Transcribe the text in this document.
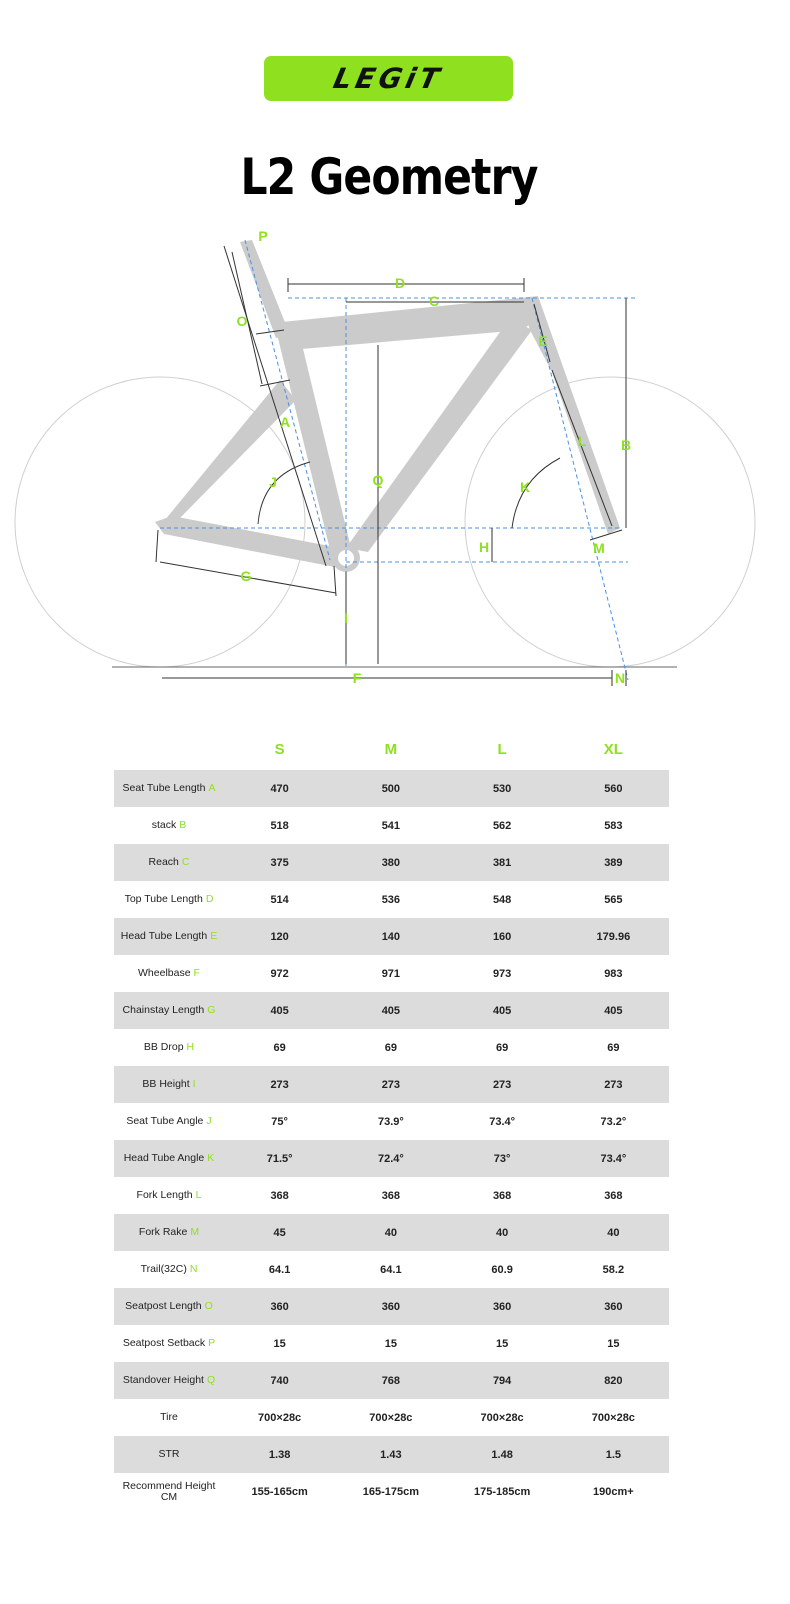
LEGiT
L2 Geometry
A
B
C
D
E
F
G
H
I
J	K
L
M
N
O
P
Q
	S	M	L	XL
Seat Tube Length A	470	500	530	560
stack B	518	541	562	583
Reach C	375	380	381	389
Top Tube Length D	514	536	548	565
Head Tube Length E	120	140	160	179.96
Wheelbase F	972	971	973	983
Chainstay Length G	405	405	405	405
BB Drop H	69	69	69	69
BB Height I	273	273	273	273
Seat Tube Angle J	75°	73.9°	73.4°	73.2°
Head Tube Angle K	71.5°	72.4°	73°	73.4°
Fork Length L	368	368	368	368
Fork Rake M	45	40	40	40
Trail(32C) N	64.1	64.1	60.9	58.2
Seatpost Length O	360	360	360	360
Seatpost Setback P	15	15	15	15
Standover Height Q	740	768	794	820
Tire	700×28c	700×28c	700×28c	700×28c
STR	1.38	1.43	1.48	1.5
Recommend Height CM	155-165cm	165-175cm	175-185cm	190cm+
